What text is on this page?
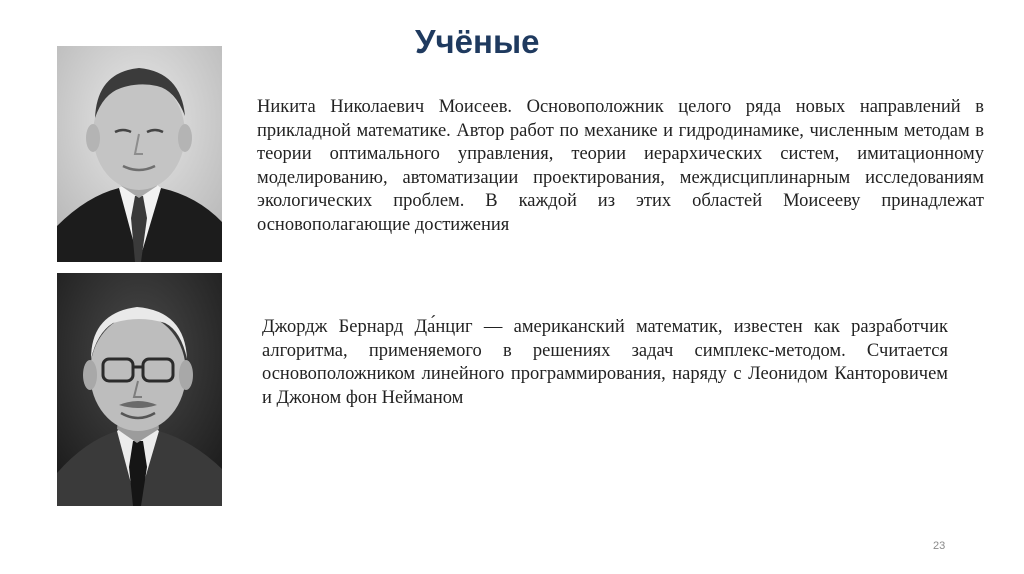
Учёные

Никита Николаевич Моисеев. Основоположник целого ряда новых направлений в прикладной математике. Автор работ по механике и гидродинамике, численным методам в теории оптимального управления, теории иерархических систем, имитационному моделированию, автоматизации проектирования, междисциплинарным исследованиям экологических проблем. В каждой из этих областей Моисееву принадлежат основополагающие достижения

Джордж Бернард Да́нциг — американский математик, известен как разработчик алгоритма, применяемого в решениях задач симплекс-методом. Считается основоположником линейного программирования, наряду с Леонидом Канторовичем и Джоном фон Нейманом

23
